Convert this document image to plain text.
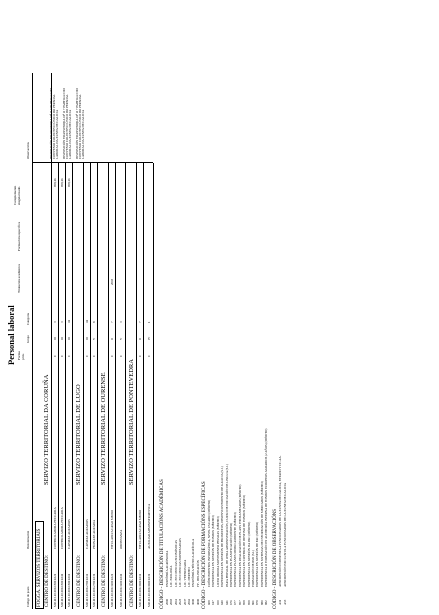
Personal laboral
Código do posto
Denominación
Forma prov.
Grupo
Categoría
Titulación académica
Formación específica
Complemento singularizado
Observacións
FOGGA. SERVIZOS TERRITORIAIS CENTRO DE DESTINO:
SERVIZO TERRITORIAL DA CORUÑA
MR.115.10.000.15001.021
CONTROLADORA PECUARIA
C
III
3
958,16
DISPOSICIÓN TRANSITORIA 10ª O 7 PARTILLO DO CONVENIO COLECTIVO ÚNICO DO PERSOAL LABORAL DA XUNTA DE GALICIA
MR.115.10.000.15001.041
CONTROLADORA PECUARIA
C
III
3
958,16
DISPOSICIÓN TRANSITORIA 10ª O 7 PARTILLO DO CONVENIO COLECTIVO ÚNICO DO PERSOAL LABORAL DA XUNTA DE GALICIA
MR.115.10.000.15001.061
CAPATAZ AGRARIOS
C
III
41
958,16
DISPOSICIÓN TRANSITORIA 10ª O 7 PARTILLO DO CONVENIO COLECTIVO ÚNICO DO PERSOAL LABORAL DA XUNTA DE GALICIA
CENTRO DE DESTINO:
SERVIZO TERRITORIAL DE LUGO
MR.115.10.000.27001.011
CAPATAZ AGRARIOS
C
III
41
MR.115.10.000.27001.031
PEONAXE AGRARIA
C
V
8
CENTRO DE DESTINO:
SERVIZO TERRITORIAL DE OURENSE
MR.115.10.000.32001.021
TITULADO/A GRAO MEDIO
C
II
7
2003
MR.115.10.000.32001.041
ORDENANZA
C
V
3
CENTRO DE DESTINO:
SERVIZO TERRITORIAL DE PONTEVEDRA
MR.115.10.000.36001.011
TITULADO/A GRAO MEDIO
C
II
7
MR.115.10.000.36001.031
AUXILIAR ADMINISTRATIVO/A
C
IV
1
CÓDIGO - DESCRICIÓN DE TITULACIÓNS ACADÉMICAS 2000
ENXEÑERÍA AGRÓNOMA
2003
LIC. BIOLOXÍA
2012
LIC. EN CIENCIAS ECONÓMICAS
2023
LIC. EN CIENCIAS EMPRESARIAIS
2037
LIC. VETERINARIA
2062
LIC. DEREITO
3000
ENXEÑERÍA TÉCNICA AGRÍCOLA
4000
FP - DELINEACIÓN CÓDIGO - DESCRICIÓN DE FORMACIÓNS ESPECÍFICAS 609
COÑECEMENTOS INFORMÁTICA, NIVEL USUARIO (MÉRITO)
617
EXPERIENCIA EN XESTIÓN DE FONDOS (MÉRITO)
650
LICEO IDIOMA MOVEMENTO PESSOAS (MÉRITO)
640
EXPERIENCIA EN XESTIÓN DE PROXECTOS, DESENVOLVEMENTO DE GALICIA (S.I.)
641
PARA PERSOAL DE OTRA ADMINISTRACIÓN, CURSO DE INICIACIÓN DE LINGUA (S.I.)
676
EXPERIENCIA EN PLANIFICACIÓN (MÉRITO)
677
EXPERIENCIA PLANES MEDIO AMBIENTE (MÉRITO)
857
EXPERIENCIA EN REALIZACIÓN DE PLANS FITOSANITARIOS (MÉRITO)
858
EXPERIENCIA EN CONTROL DE DESTINO DE FONDOS (MÉRITO)
859
EXPERIENCIA EN XESTIÓN DA PAC (MÉRITO)
861
FORMACIÓN DE RMI (S.I.)
879
EXPERIENCIA EN XESTIÓN DE PAC (MÉRITO)
880
EXPERIENCIA EN SISTEMAS DE INFORMACIÓN DE MERCADOS (MÉRITO)
982
EXPERIENCIA O FORMACIÓN EN AUDITORÍA INTERNA DE FONDOS EUROPEOS AGRARIOS (2 AÑOS) (MÉRITO) CÓDIGO - DESCRICIÓN DE OBSERVACIÓNS A11
ADSCRIPCIÓN INDISTINTA A FUNCIONARIOS DE LA XUNTA DE GALICIA, ESTADO Y CC.AA.
A53
ADSCRIPCIÓN EXCLUSIVA A FUNCIONARIOS DE LA XUNTA DE GALICIA
